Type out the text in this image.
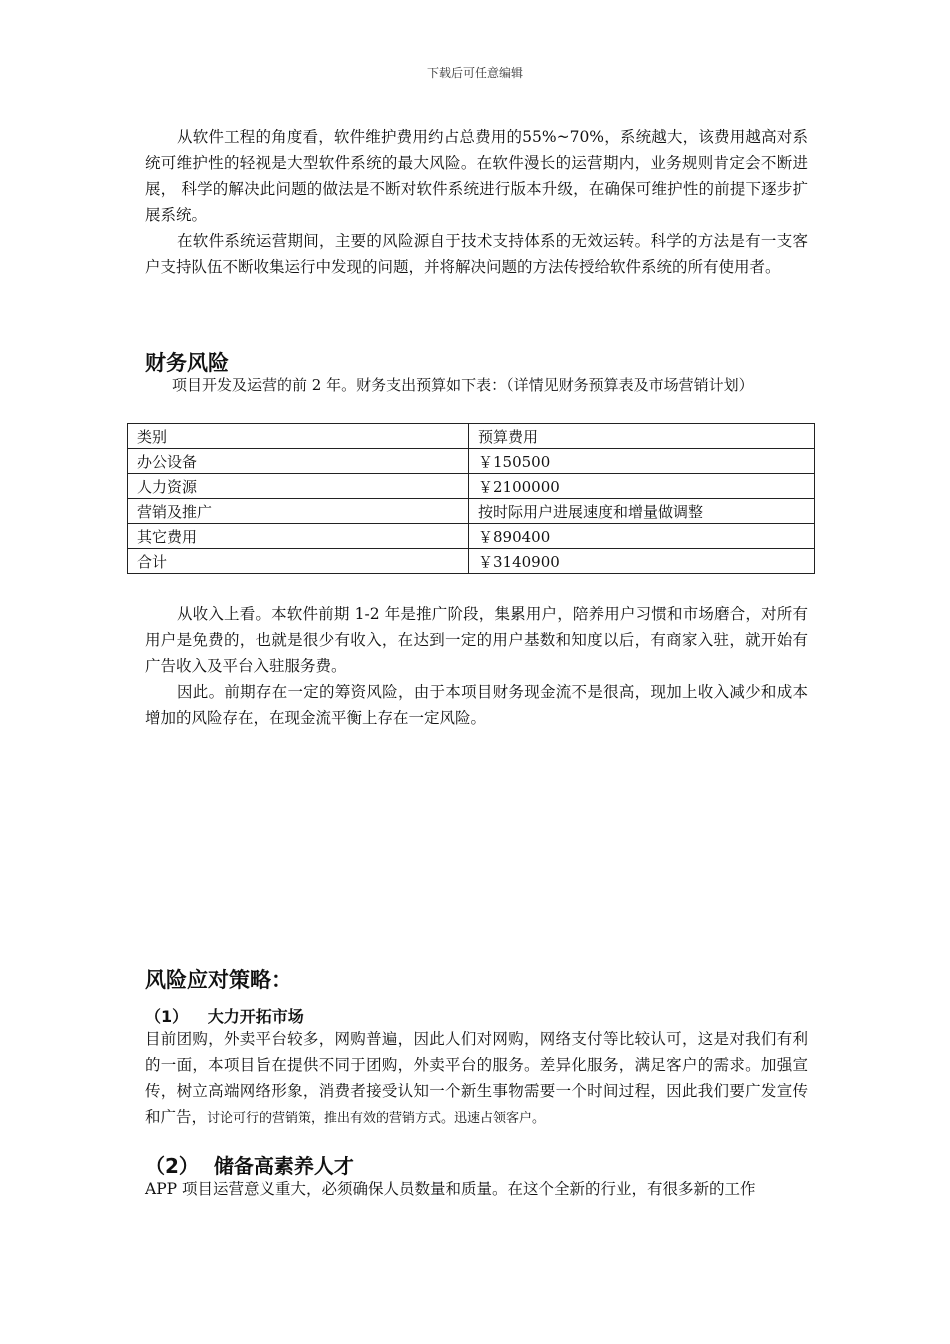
下载后可任意编辑

从软件工程的角度看，软件维护费用约占总费用的55%~70%，系统越大，该费用越高对系统可维护性的轻视是大型软件系统的最大风险。在软件漫长的运营期内，业务规则肯定会不断进展， 科学的解决此问题的做法是不断对软件系统进行版本升级，在确保可维护性的前提下逐步扩展系统。

在软件系统运营期间，主要的风险源自于技术支持体系的无效运转。科学的方法是有一支客户支持队伍不断收集运行中发现的问题，并将解决问题的方法传授给软件系统的所有使用者。

财务风险

项目开发及运营的前 2 年。财务支出预算如下表：（详情见财务预算表及市场营销计划）

类别	预算费用
办公设备	￥150500
人力资源	￥2100000
营销及推广	按时际用户进展速度和增量做调整
其它费用	￥890400
合计	￥3140900

从收入上看。本软件前期 1-2 年是推广阶段，集累用户，陪养用户习惯和市场磨合，对所有用户是免费的，也就是很少有收入，在达到一定的用户基数和知度以后，有商家入驻，就开始有广告收入及平台入驻服务费。

因此。前期存在一定的筹资风险，由于本项目财务现金流不是很高，现加上收入减少和成本增加的风险存在，在现金流平衡上存在一定风险。

风险应对策略：
（1） 大力开拓市场

目前团购，外卖平台较多，网购普遍，因此人们对网购，网络支付等比较认可，这是对我们有利的一面，本项目旨在提供不同于团购，外卖平台的服务。差异化服务，满足客户的需求。加强宣传，树立高端网络形象，消费者接受认知一个新生事物需要一个时间过程，因此我们要广发宣传和广告，讨论可行的营销策，推出有效的营销方式。迅速占领客户。

（2） 储备高素养人才

APP 项目运营意义重大，必须确保人员数量和质量。在这个全新的行业，有很多新的工作
